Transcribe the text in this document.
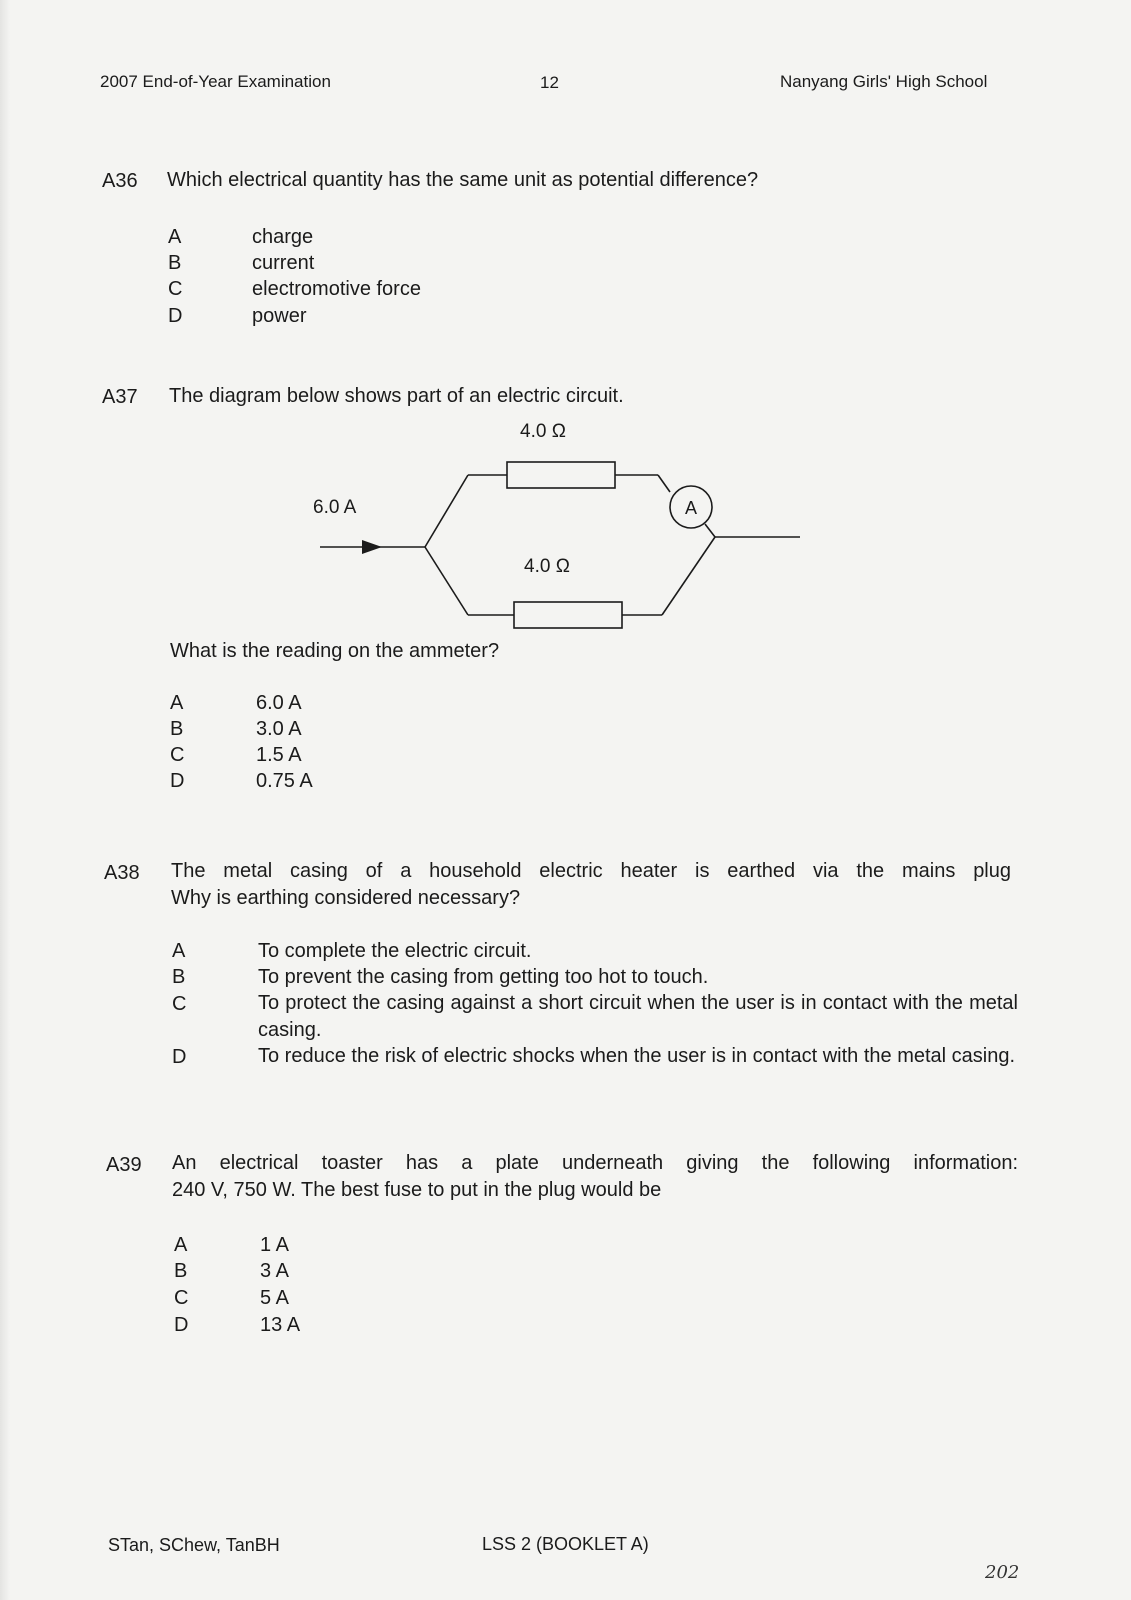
2007 End-of-Year Examination	12	Nanyang Girls' High School
A36 Which electrical quantity has the same unit as potential difference?
A	charge
B	current
C	electromotive force
D	power
A37 The diagram below shows part of an electric circuit.
A
4.0 Ω
4.0 Ω
6.0 A
What is the reading on the ammeter?
A	6.0 A
B	3.0 A
C	1.5 A
D	0.75 A
A38 The metal casing of a household electric heater is earthed via the mains plug
Why is earthing considered necessary?
A	To complete the electric circuit.
B	To prevent the casing from getting too hot to touch.
C	To protect the casing against a short circuit when the user is in contact with the metal casing.
D	To reduce the risk of electric shocks when the user is in contact with the metal casing.
A39 An electrical toaster has a plate underneath giving the following information:
240 V, 750 W. The best fuse to put in the plug would be
A	1 A
B	3 A
C	5 A
D	13 A
STan, SChew, TanBH	LSS 2 (BOOKLET A)
202
